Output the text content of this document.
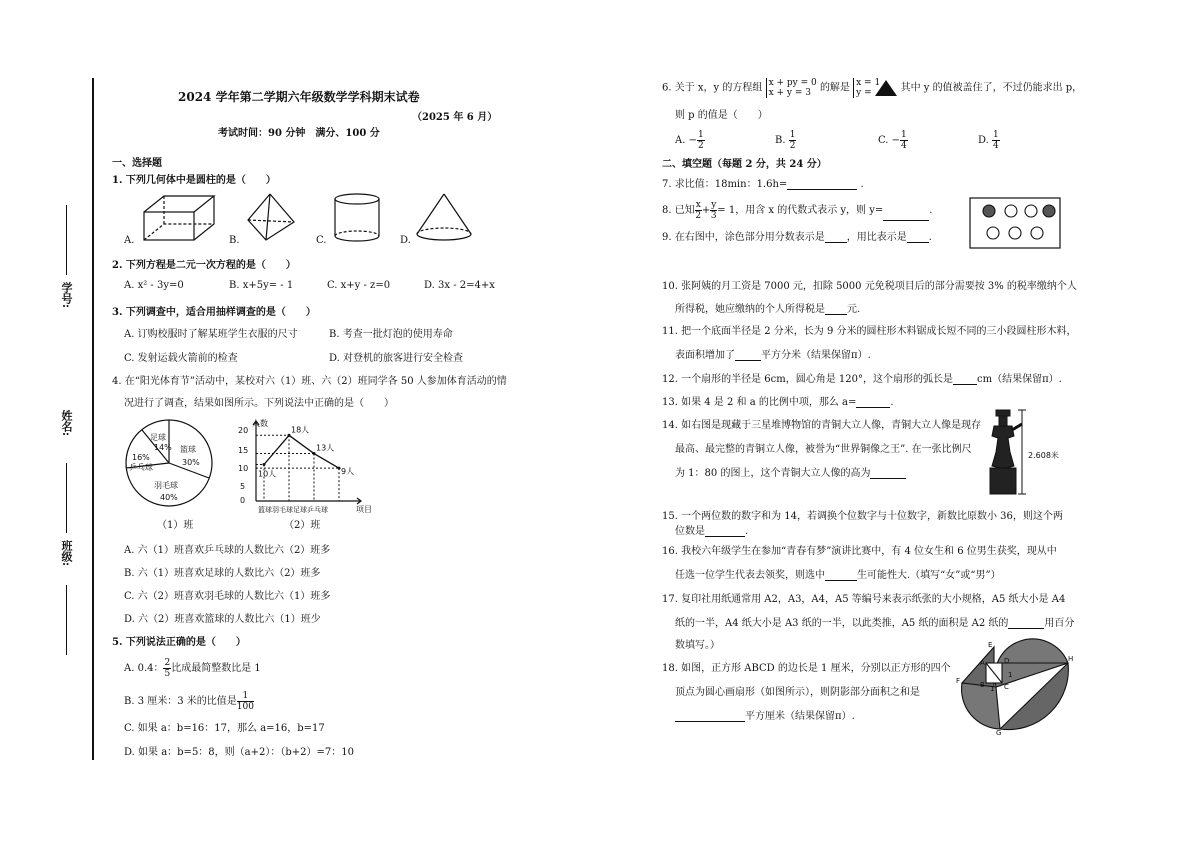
学号:
姓名:
班级:
2024 学年第二学期六年级数学学科期末试卷
（2025 年 6 月）
考试时间：90 分钟　满分、100 分
一、选择题
1. 下列几何体中是圆柱的是（　　）
A.	B.	C.	D.
2. 下列方程是二元一次方程的是（　　）
A. x² - 3y=0	B. x+5y= - 1	C. x+y - z=0	D. 3x - 2=4+x
3. 下列调查中，适合用抽样调查的是（　　）
A. 订购校服时了解某班学生衣服的尺寸	B. 考查一批灯泡的使用寿命
C. 发射运载火箭前的检查	D. 对登机的旅客进行安全检查
4. 在“阳光体育节”活动中，某校对六（1）班、六（2）班同学各 50 人参加体育活动的情
况进行了调查，结果如图所示。下列说法中正确的是（　　）
足球
14% 篮球
30%
16%
乒乓球
羽毛球
40%
（1）班
人数
项目
20
15
10
5
0
篮球羽毛球足球乒乓球
10人
18人
13人
9人
（2）班
A. 六（1）班喜欢乒乓球的人数比六（2）班多
B. 六（1）班喜欢足球的人数比六（2）班多
C. 六（2）班喜欢羽毛球的人数比六（1）班多
D. 六（2）班喜欢篮球的人数比六（1）班少
5. 下列说法正确的是（　　）
A. 0.4： $\frac{2}{5}$ 比成最简整数比是 1
B. 3 厘米：3 米的比值是 $\frac{1}{100}$
C. 如果 a：b=16：17，那么 a=16，b=17
D. 如果 a：b=5：8，则（a+2）：（b+2）=7：10
6. 关于 x，y 的方程组 x + py = 0
x + y = 3 的解是 x = 1
y =	其中 y 的值被盖住了，不过仍能求出 p，
则 p 的值是（　　）
A. − $\frac{1}{2}$	B. $\frac{1}{2}$	C. − $\frac{1}{4}$	D. $\frac{1}{4}$
二、填空题（每题 2 分，共 24 分）
7. 求比值：18min：1.6h=	.
8. 已知 $\frac{x}{2} + \frac{y}{3} = 1$，用含 x 的代数式表示 y，则 y=	.
9. 在右图中，涂色部分用分数表示是 ，用比表示是 .
10. 张阿姨的月工资是 7000 元，扣除 5000 元免税项目后的部分需要按 3% 的税率缴纳个人
所得税，她应缴纳的个人所得税是 元.
11. 把一个底面半径是 2 分米，长为 9 分米的圆柱形木料锯成长短不同的三小段圆柱形木料，
表面积增加了	平方分米（结果保留π）.
12. 一个扇形的半径是 6cm，圆心角是 120°，这个扇形的弧长是 cm（结果保留π）.
13. 如果 4 是 2 和 a 的比例中项，那么 a=	.
14. 如右图是现藏于三星堆博物馆的青铜大立人像，青铜大立人像是现存
最高、最完整的青铜立人像，被誉为“世界铜像之王”. 在一张比例尺
为 1：80 的图上，这个青铜大立人像的高为
2.608米
15. 一个两位数的数字和为 14，若调换个位数字与十位数字，新数比原数小 36，则这个两
位数是	.
16. 我校六年级学生在参加“青春有梦”演讲比赛中，有 4 位女生和 6 位男生获奖，现从中
任选一位学生代表去领奖，则选中	生可能性大.（填写“女”或“男”）
17. 复印社用纸通常用 A2，A3，A4，A5 等编号来表示纸张的大小规格，A5 纸大小是 A4
纸的一半，A4 纸大小是 A3 纸的一半，以此类推，A5 纸的面积是 A2 纸的	用百分
数填写。）
18. 如图，正方形 ABCD 的边长是 1 厘米，分别以正方形的四个
顶点为圆心画扇形（如图所示），则阴影部分面积之和是
平方厘米（结果保留π）.
E
A	D	H
B 1 C
F
G
1
